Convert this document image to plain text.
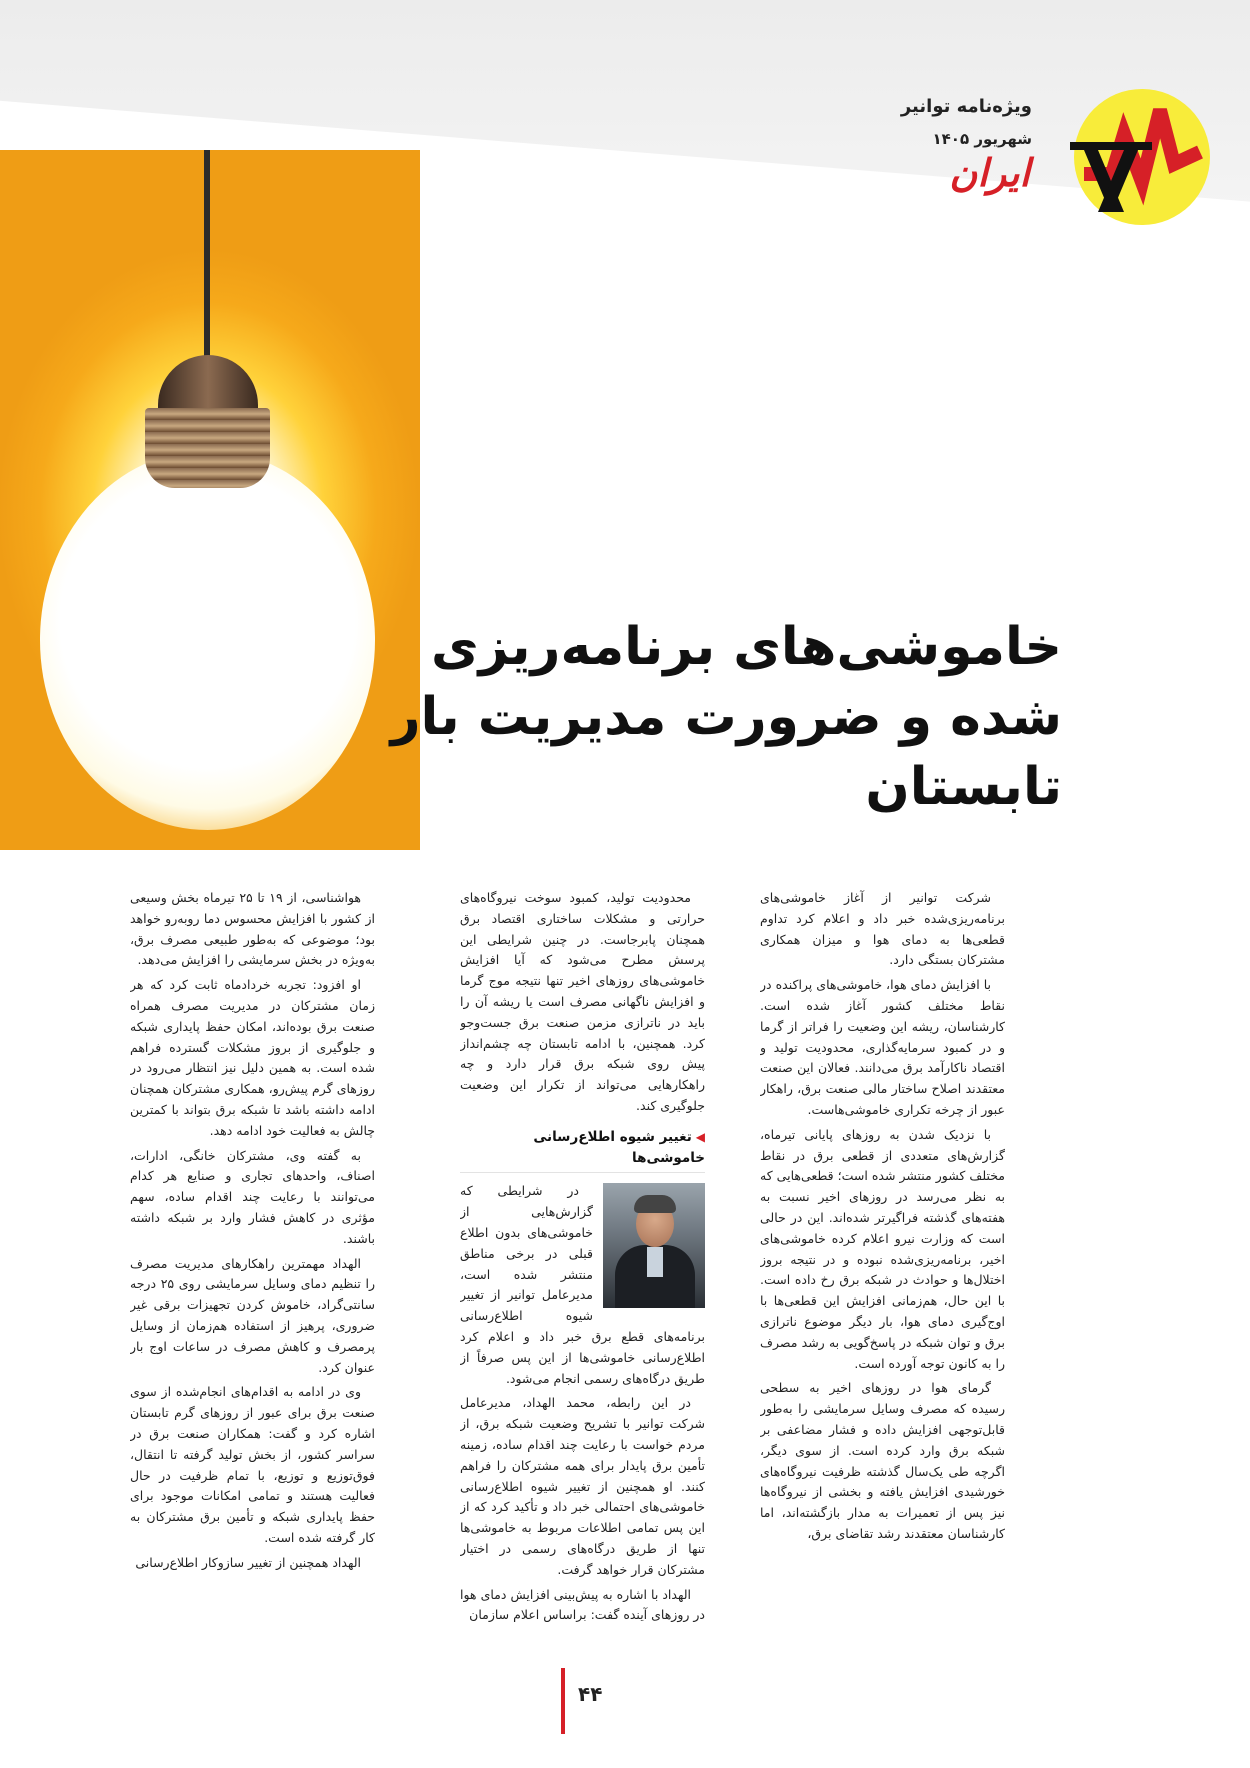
ویژه‌نامه توانیر
شهریور ۱۴۰۵
ایران
خاموشی‌های برنامه‌ریزی
شده و ضرورت مدیریت بار
تابستان

شرکت توانیر از آغاز خاموشی‌های برنامه‌ریزی‌شده خبر داد و اعلام کرد تداوم قطعی‌ها به دمای هوا و میزان همکاری مشترکان بستگی دارد.

با افزایش دمای هوا، خاموشی‌های پراکنده در نقاط مختلف کشور آغاز شده است. کارشناسان، ریشه این وضعیت را فراتر از گرما و در کمبود سرمایه‌گذاری، محدودیت تولید و اقتصاد ناکارآمد برق می‌دانند. فعالان این صنعت معتقدند اصلاح ساختار مالی صنعت برق، راهکار عبور از چرخه تکراری خاموشی‌هاست.

با نزدیک شدن به روزهای پایانی تیرماه، گزارش‌های متعددی از قطعی برق در نقاط مختلف کشور منتشر شده است؛ قطعی‌هایی که به نظر می‌رسد در روزهای اخیر نسبت به هفته‌های گذشته فراگیرتر شده‌اند. این در حالی است که وزارت نیرو اعلام کرده خاموشی‌های اخیر، برنامه‌ریزی‌شده نبوده و در نتیجه بروز اختلال‌ها و حوادث در شبکه برق رخ داده است. با این حال، هم‌زمانی افزایش این قطعی‌ها با اوج‌گیری دمای هوا، بار دیگر موضوع ناترازی برق و توان شبکه در پاسخ‌گویی به رشد مصرف را به کانون توجه آورده است.

گرمای هوا در روزهای اخیر به سطحی رسیده که مصرف وسایل سرمایشی را به‌طور قابل‌توجهی افزایش داده و فشار مضاعفی بر شبکه برق وارد کرده است. از سوی دیگر، اگرچه طی یک‌سال گذشته ظرفیت نیروگاه‌های خورشیدی افزایش یافته و بخشی از نیروگاه‌ها نیز پس از تعمیرات به مدار بازگشته‌اند، اما کارشناسان معتقدند رشد تقاضای برق،

محدودیت تولید، کمبود سوخت نیروگاه‌های حرارتی و مشکلات ساختاری اقتصاد برق همچنان پابرجاست. در چنین شرایطی این پرسش مطرح می‌شود که آیا افزایش خاموشی‌های روزهای اخیر تنها نتیجه موج گرما و افزایش ناگهانی مصرف است یا ریشه آن را باید در ناترازی مزمن صنعت برق جست‌وجو کرد. همچنین، با ادامه تابستان چه چشم‌انداز پیش روی شبکه برق قرار دارد و چه راهکارهایی می‌تواند از تکرار این وضعیت جلوگیری کند.

◀تغییر شیوه اطلاع‌رسانی خاموشی‌ها

در شرایطی که گزارش‌هایی از خاموشی‌های بدون اطلاع قبلی در برخی مناطق منتشر شده است، مدیرعامل توانیر از تغییر شیوه اطلاع‌رسانی برنامه‌های قطع برق خبر داد و اعلام کرد اطلاع‌رسانی خاموشی‌ها از این پس صرفاً از طریق درگاه‌های رسمی انجام می‌شود.

در این رابطه، محمد الهداد، مدیرعامل شرکت توانیر با تشریح وضعیت شبکه برق، از مردم خواست با رعایت چند اقدام ساده، زمینه تأمین برق پایدار برای همه مشترکان را فراهم کنند. او همچنین از تغییر شیوه اطلاع‌رسانی خاموشی‌های احتمالی خبر داد و تأکید کرد که از این پس تمامی اطلاعات مربوط به خاموشی‌ها تنها از طریق درگاه‌های رسمی در اختیار مشترکان قرار خواهد گرفت.

الهداد با اشاره به پیش‌بینی افزایش دمای هوا در روزهای آینده گفت: براساس اعلام سازمان

هواشناسی، از ۱۹ تا ۲۵ تیرماه بخش وسیعی از کشور با افزایش محسوس دما روبه‌رو خواهد بود؛ موضوعی که به‌طور طبیعی مصرف برق، به‌ویژه در بخش سرمایشی را افزایش می‌دهد.

او افزود: تجربه خردادماه ثابت کرد که هر زمان مشترکان در مدیریت مصرف همراه صنعت برق بوده‌اند، امکان حفظ پایداری شبکه و جلوگیری از بروز مشکلات گسترده فراهم شده است. به همین دلیل نیز انتظار می‌رود در روزهای گرم پیش‌رو، همکاری مشترکان همچنان ادامه داشته باشد تا شبکه برق بتواند با کمترین چالش به فعالیت خود ادامه دهد.

به گفته وی، مشترکان خانگی، ادارات، اصناف، واحدهای تجاری و صنایع هر کدام می‌توانند با رعایت چند اقدام ساده، سهم مؤثری در کاهش فشار وارد بر شبکه داشته باشند.

الهداد مهمترین راهکارهای مدیریت مصرف را تنظیم دمای وسایل سرمایشی روی ۲۵ درجه سانتی‌گراد، خاموش کردن تجهیزات برقی غیر ضروری، پرهیز از استفاده هم‌زمان از وسایل پرمصرف و کاهش مصرف در ساعات اوج بار عنوان کرد.

وی در ادامه به اقدام‌های انجام‌شده از سوی صنعت برق برای عبور از روزهای گرم تابستان اشاره کرد و گفت: همکاران صنعت برق در سراسر کشور، از بخش تولید گرفته تا انتقال، فوق‌توزیع و توزیع، با تمام ظرفیت در حال فعالیت هستند و تمامی امکانات موجود برای حفظ پایداری شبکه و تأمین برق مشترکان به کار گرفته شده است.

الهداد همچنین از تغییر سازوکار اطلاع‌رسانی

۴۴
